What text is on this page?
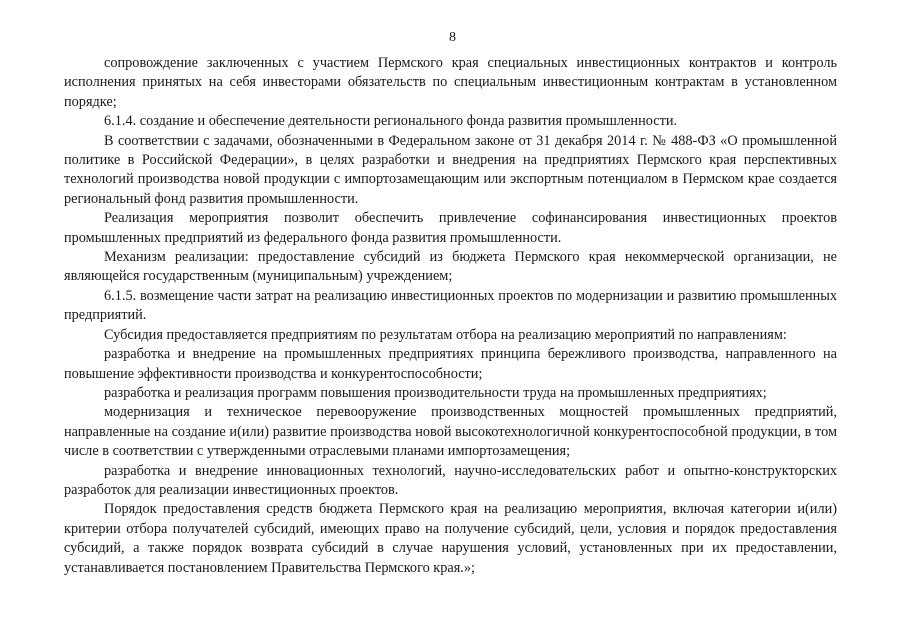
8

сопровождение заключенных с участием Пермского края специальных инвестиционных контрактов и контроль исполнения принятых на себя инвесторами обязательств по специальным инвестиционным контрактам в установленном порядке;

6.1.4. создание и обеспечение деятельности регионального фонда развития промышленности.

В соответствии с задачами, обозначенными в Федеральном законе от 31 декабря 2014 г. № 488-ФЗ «О промышленной политике в Российской Федерации», в целях разработки и внедрения на предприятиях Пермского края перспективных технологий производства новой продукции с импортозамещающим или экспортным потенциалом в Пермском крае создается региональный фонд развития промышленности.

Реализация мероприятия позволит обеспечить привлечение софинансирования инвестиционных проектов промышленных предприятий из федерального фонда развития промышленности.

Механизм реализации: предоставление субсидий из бюджета Пермского края некоммерческой организации, не являющейся государственным (муниципальным) учреждением;

6.1.5. возмещение части затрат на реализацию инвестиционных проектов по модернизации и развитию промышленных предприятий.

Субсидия предоставляется предприятиям по результатам отбора на реализацию мероприятий по направлениям:

разработка и внедрение на промышленных предприятиях принципа бережливого производства, направленного на повышение эффективности производства и конкурентоспособности;

разработка и реализация программ повышения производительности труда на промышленных предприятиях;

модернизация и техническое перевооружение производственных мощностей промышленных предприятий, направленные на создание и(или) развитие производства новой высокотехнологичной конкурентоспособной продукции, в том числе в соответствии с утвержденными отраслевыми планами импортозамещения;

разработка и внедрение инновационных технологий, научно-исследовательских работ и опытно-конструкторских разработок для реализации инвестиционных проектов.

Порядок предоставления средств бюджета Пермского края на реализацию мероприятия, включая категории и(или) критерии отбора получателей субсидий, имеющих право на получение субсидий, цели, условия и порядок предоставления субсидий, а также порядок возврата субсидий в случае нарушения условий, установленных при их предоставлении, устанавливается постановлением Правительства Пермского края.»;
